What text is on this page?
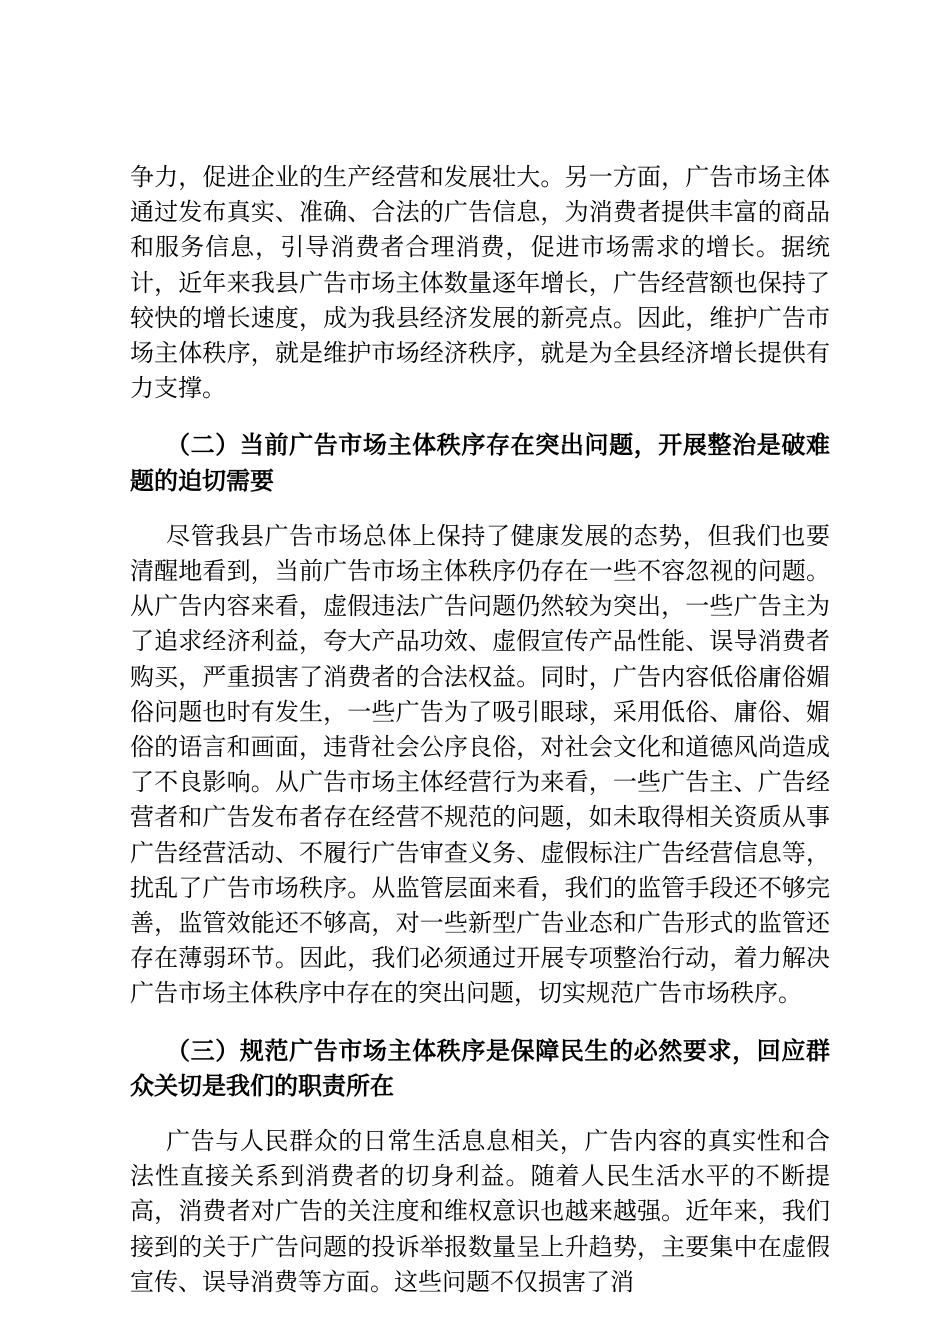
争力，促进企业的生产经营和发展壮大。另一方面，广告市场主体通过发布真实、准确、合法的广告信息，为消费者提供丰富的商品和服务信息，引导消费者合理消费，促进市场需求的增长。据统计，近年来我县广告市场主体数量逐年增长，广告经营额也保持了较快的增长速度，成为我县经济发展的新亮点。因此，维护广告市场主体秩序，就是维护市场经济秩序，就是为全县经济增长提供有力支撑。

（二）当前广告市场主体秩序存在突出问题，开展整治是破难题的迫切需要

尽管我县广告市场总体上保持了健康发展的态势，但我们也要清醒地看到，当前广告市场主体秩序仍存在一些不容忽视的问题。从广告内容来看，虚假违法广告问题仍然较为突出，一些广告主为了追求经济利益，夸大产品功效、虚假宣传产品性能、误导消费者购买，严重损害了消费者的合法权益。同时，广告内容低俗庸俗媚俗问题也时有发生，一些广告为了吸引眼球，采用低俗、庸俗、媚俗的语言和画面，违背社会公序良俗，对社会文化和道德风尚造成了不良影响。从广告市场主体经营行为来看，一些广告主、广告经营者和广告发布者存在经营不规范的问题，如未取得相关资质从事广告经营活动、不履行广告审查义务、虚假标注广告经营信息等，扰乱了广告市场秩序。从监管层面来看，我们的监管手段还不够完善，监管效能还不够高，对一些新型广告业态和广告形式的监管还存在薄弱环节。因此，我们必须通过开展专项整治行动，着力解决广告市场主体秩序中存在的突出问题，切实规范广告市场秩序。

（三）规范广告市场主体秩序是保障民生的必然要求，回应群众关切是我们的职责所在

广告与人民群众的日常生活息息相关，广告内容的真实性和合法性直接关系到消费者的切身利益。随着人民生活水平的不断提高，消费者对广告的关注度和维权意识也越来越强。近年来，我们接到的关于广告问题的投诉举报数量呈上升趋势，主要集中在虚假宣传、误导消费等方面。这些问题不仅损害了消
